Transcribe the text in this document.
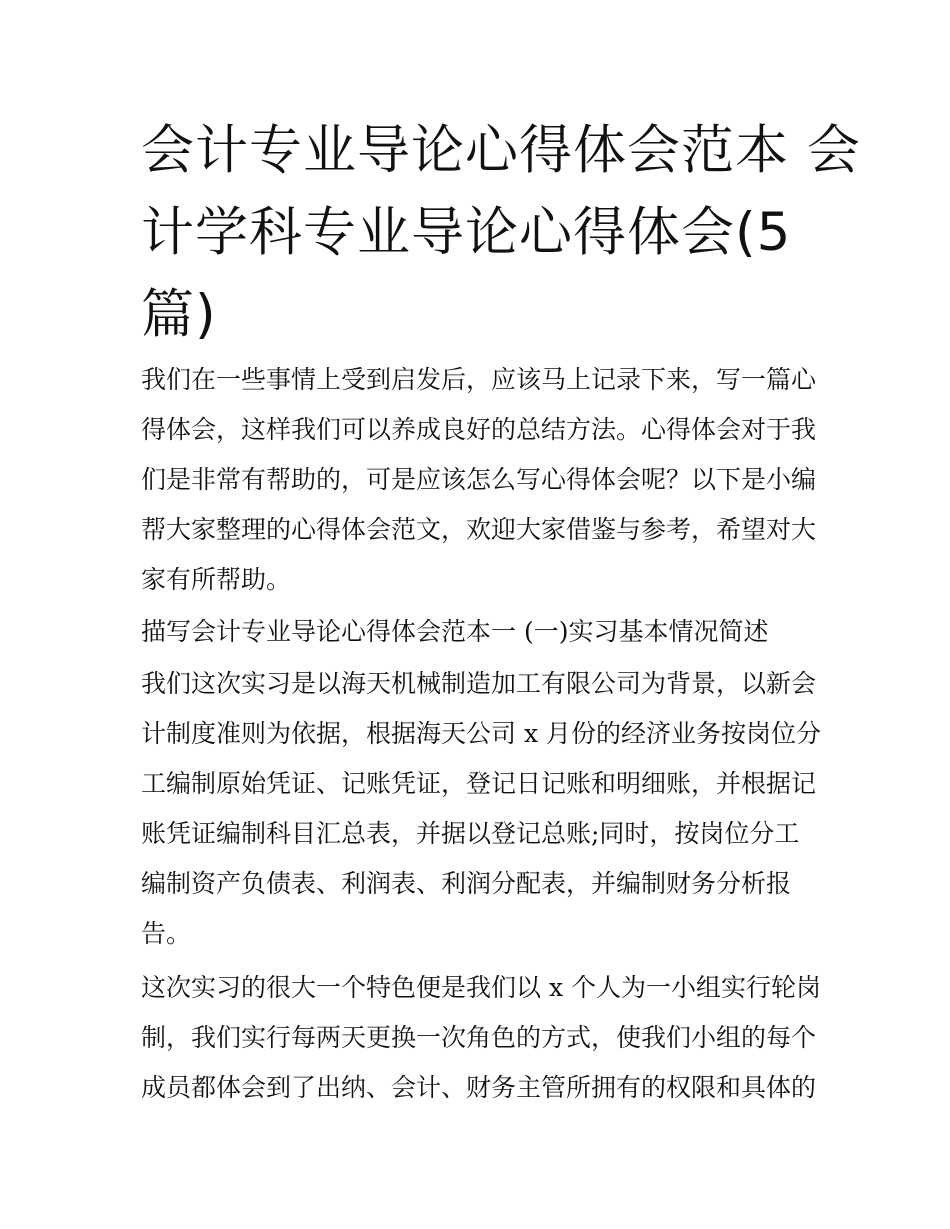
会计专业导论心得体会范本 会
计学科专业导论心得体会(5
篇)

我们在一些事情上受到启发后，应该马上记录下来，写一篇心
得体会，这样我们可以养成良好的总结方法。心得体会对于我
们是非常有帮助的，可是应该怎么写心得体会呢？以下是小编
帮大家整理的心得体会范文，欢迎大家借鉴与参考，希望对大
家有所帮助。

描写会计专业导论心得体会范本一 (一)实习基本情况简述

我们这次实习是以海天机械制造加工有限公司为背景，以新会
计制度准则为依据，根据海天公司 x 月份的经济业务按岗位分
工编制原始凭证、记账凭证，登记日记账和明细账，并根据记
账凭证编制科目汇总表，并据以登记总账;同时，按岗位分工
编制资产负债表、利润表、利润分配表，并编制财务分析报
告。

这次实习的很大一个特色便是我们以 x 个人为一小组实行轮岗
制，我们实行每两天更换一次角色的方式，使我们小组的每个
成员都体会到了出纳、会计、财务主管所拥有的权限和具体的
